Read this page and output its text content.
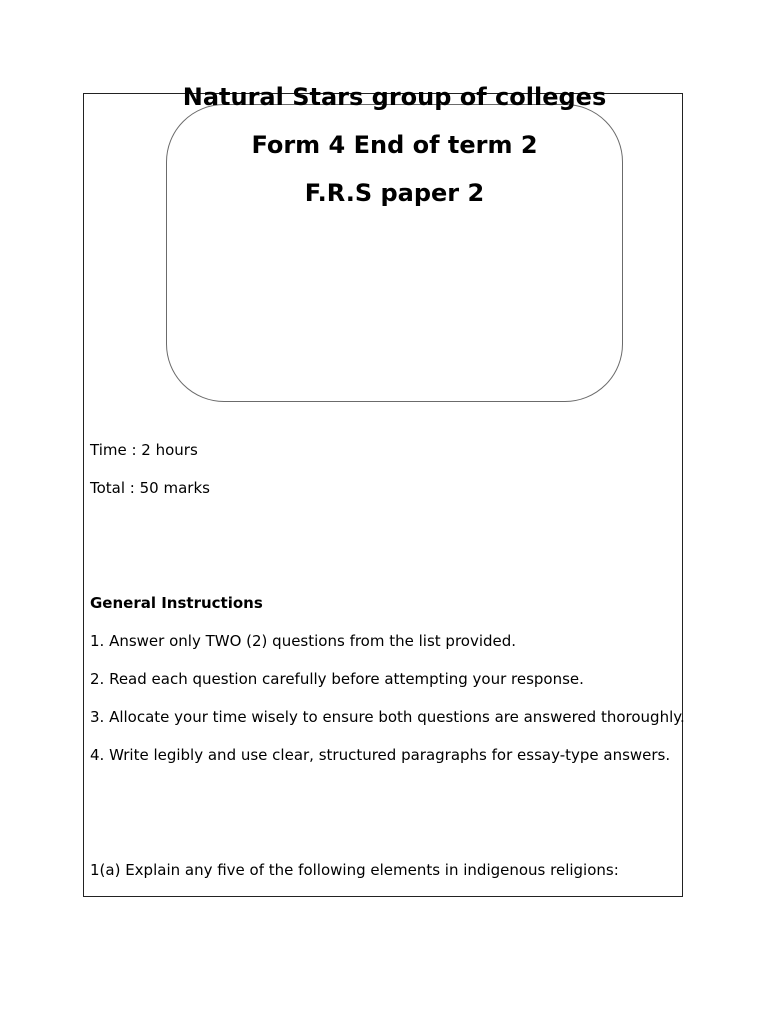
Natural Stars group of colleges
Form 4 End of term 2
F.R.S paper 2
Time : 2 hours
Total : 50 marks
General Instructions
1. Answer only TWO (2) questions from the list provided.
2. Read each question carefully before attempting your response.
3. Allocate your time wisely to ensure both questions are answered thoroughly.
4. Write legibly and use clear, structured paragraphs for essay-type answers.
1(a) Explain any five of the following elements in indigenous religions:
